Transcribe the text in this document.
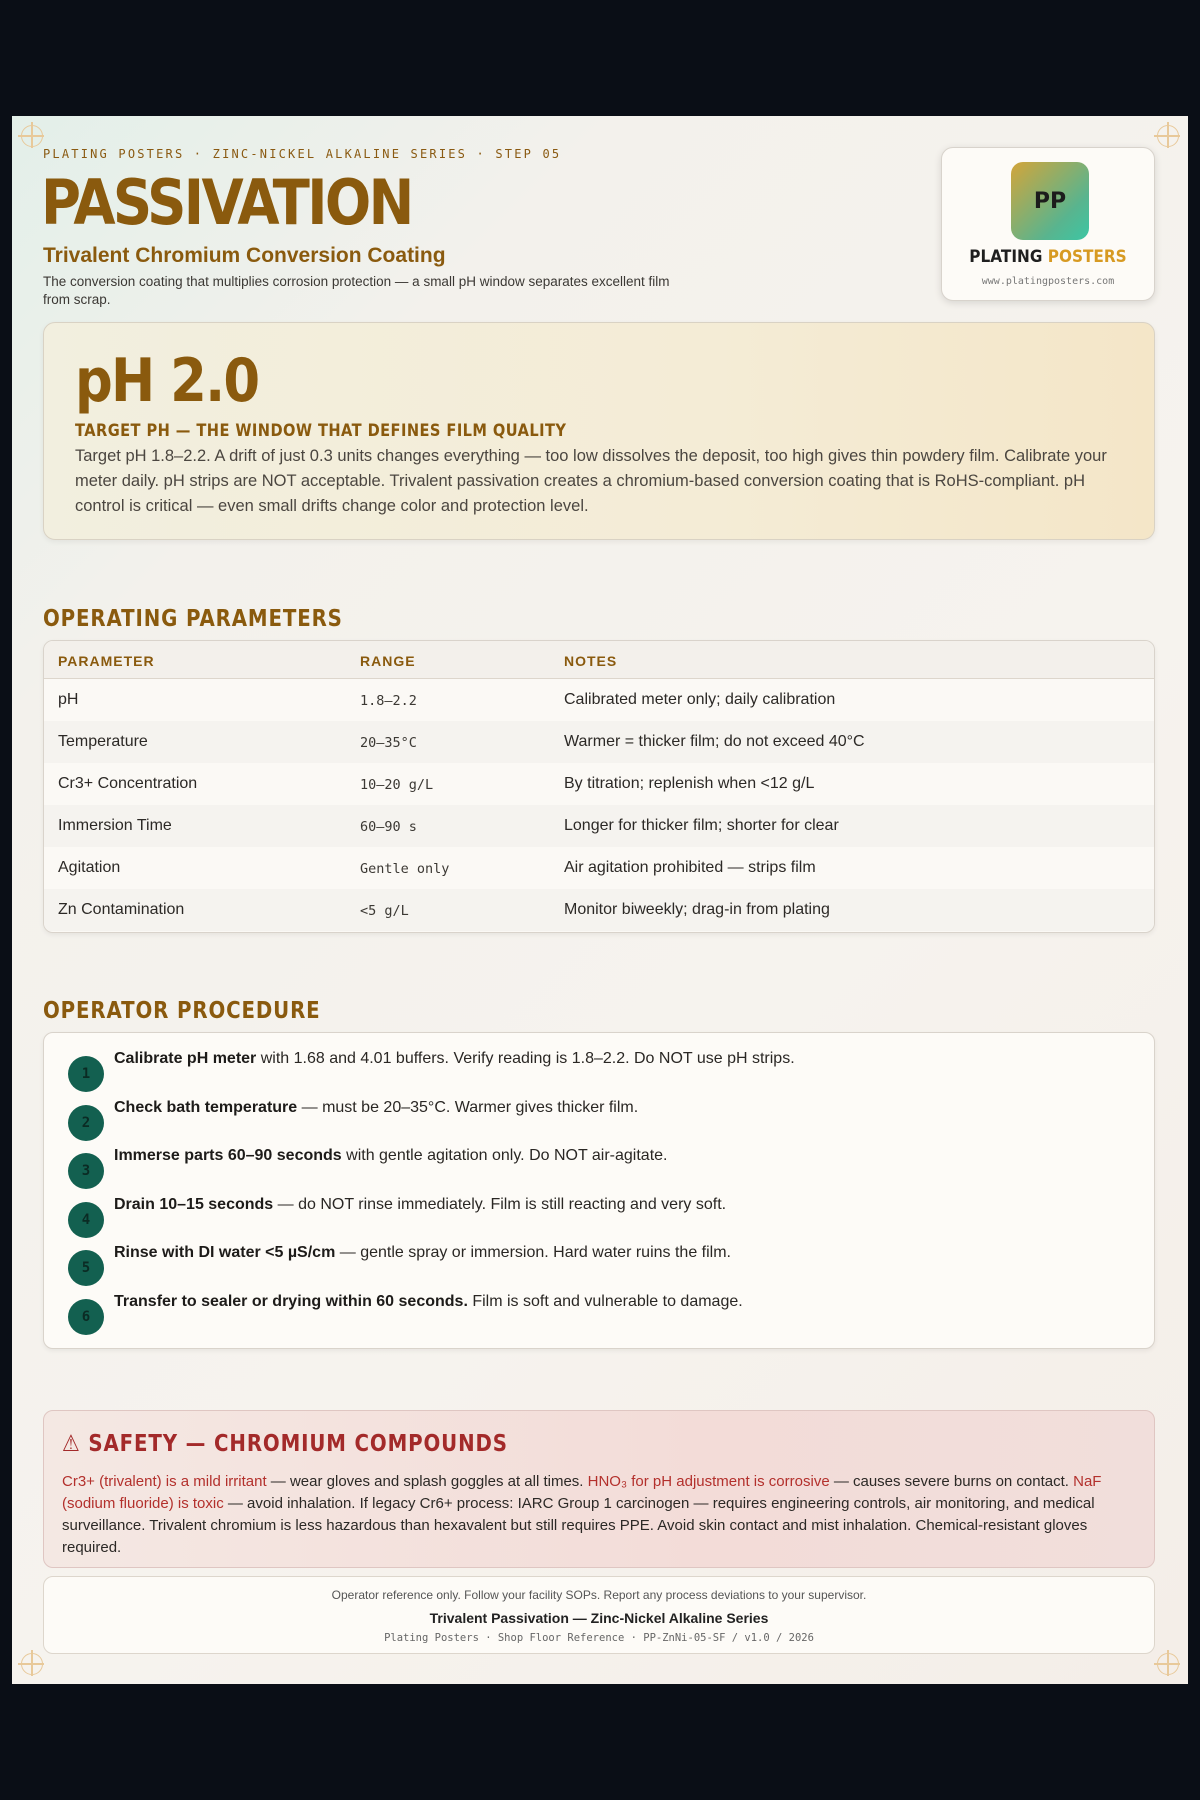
PLATING POSTERS · ZINC-NICKEL ALKALINE SERIES · STEP 05
PASSIVATION
Trivalent Chromium Conversion Coating
The conversion coating that multiplies corrosion protection — a small pH window separates excellent film from scrap.
PP
PLATING POSTERS
www.platingposters.com
pH 2.0
TARGET PH — THE WINDOW THAT DEFINES FILM QUALITY
Target pH 1.8–2.2. A drift of just 0.3 units changes everything — too low dissolves the deposit, too high gives thin powdery film. Calibrate your meter daily. pH strips are NOT acceptable. Trivalent passivation creates a chromium-based conversion coating that is RoHS-compliant. pH control is critical — even small drifts change color and protection level.
OPERATING PARAMETERS
PARAMETER	RANGE	NOTES
pH	1.8–2.2	Calibrated meter only; daily calibration
Temperature	20–35°C	Warmer = thicker film; do not exceed 40°C
Cr3+ Concentration	10–20 g/L	By titration; replenish when <12 g/L
Immersion Time	60–90 s	Longer for thicker film; shorter for clear
Agitation	Gentle only	Air agitation prohibited — strips film
Zn Contamination	<5 g/L	Monitor biweekly; drag-in from plating
OPERATOR PROCEDURE
1
Calibrate pH meter with 1.68 and 4.01 buffers. Verify reading is 1.8–2.2. Do NOT use pH strips.
2
Check bath temperature — must be 20–35°C. Warmer gives thicker film.
3
Immerse parts 60–90 seconds with gentle agitation only. Do NOT air-agitate.
4
Drain 10–15 seconds — do NOT rinse immediately. Film is still reacting and very soft.
5
Rinse with DI water <5 µS/cm — gentle spray or immersion. Hard water ruins the film.
6
Transfer to sealer or drying within 60 seconds. Film is soft and vulnerable to damage.
⚠ SAFETY — CHROMIUM COMPOUNDS
Cr3+ (trivalent) is a mild irritant — wear gloves and splash goggles at all times. HNO₃ for pH adjustment is corrosive — causes severe burns on contact. NaF (sodium fluoride) is toxic — avoid inhalation. If legacy Cr6+ process: IARC Group 1 carcinogen — requires engineering controls, air monitoring, and medical surveillance. Trivalent chromium is less hazardous than hexavalent but still requires PPE. Avoid skin contact and mist inhalation. Chemical-resistant gloves required.
Operator reference only. Follow your facility SOPs. Report any process deviations to your supervisor.
Trivalent Passivation — Zinc-Nickel Alkaline Series
Plating Posters · Shop Floor Reference · PP-ZnNi-05-SF / v1.0 / 2026
